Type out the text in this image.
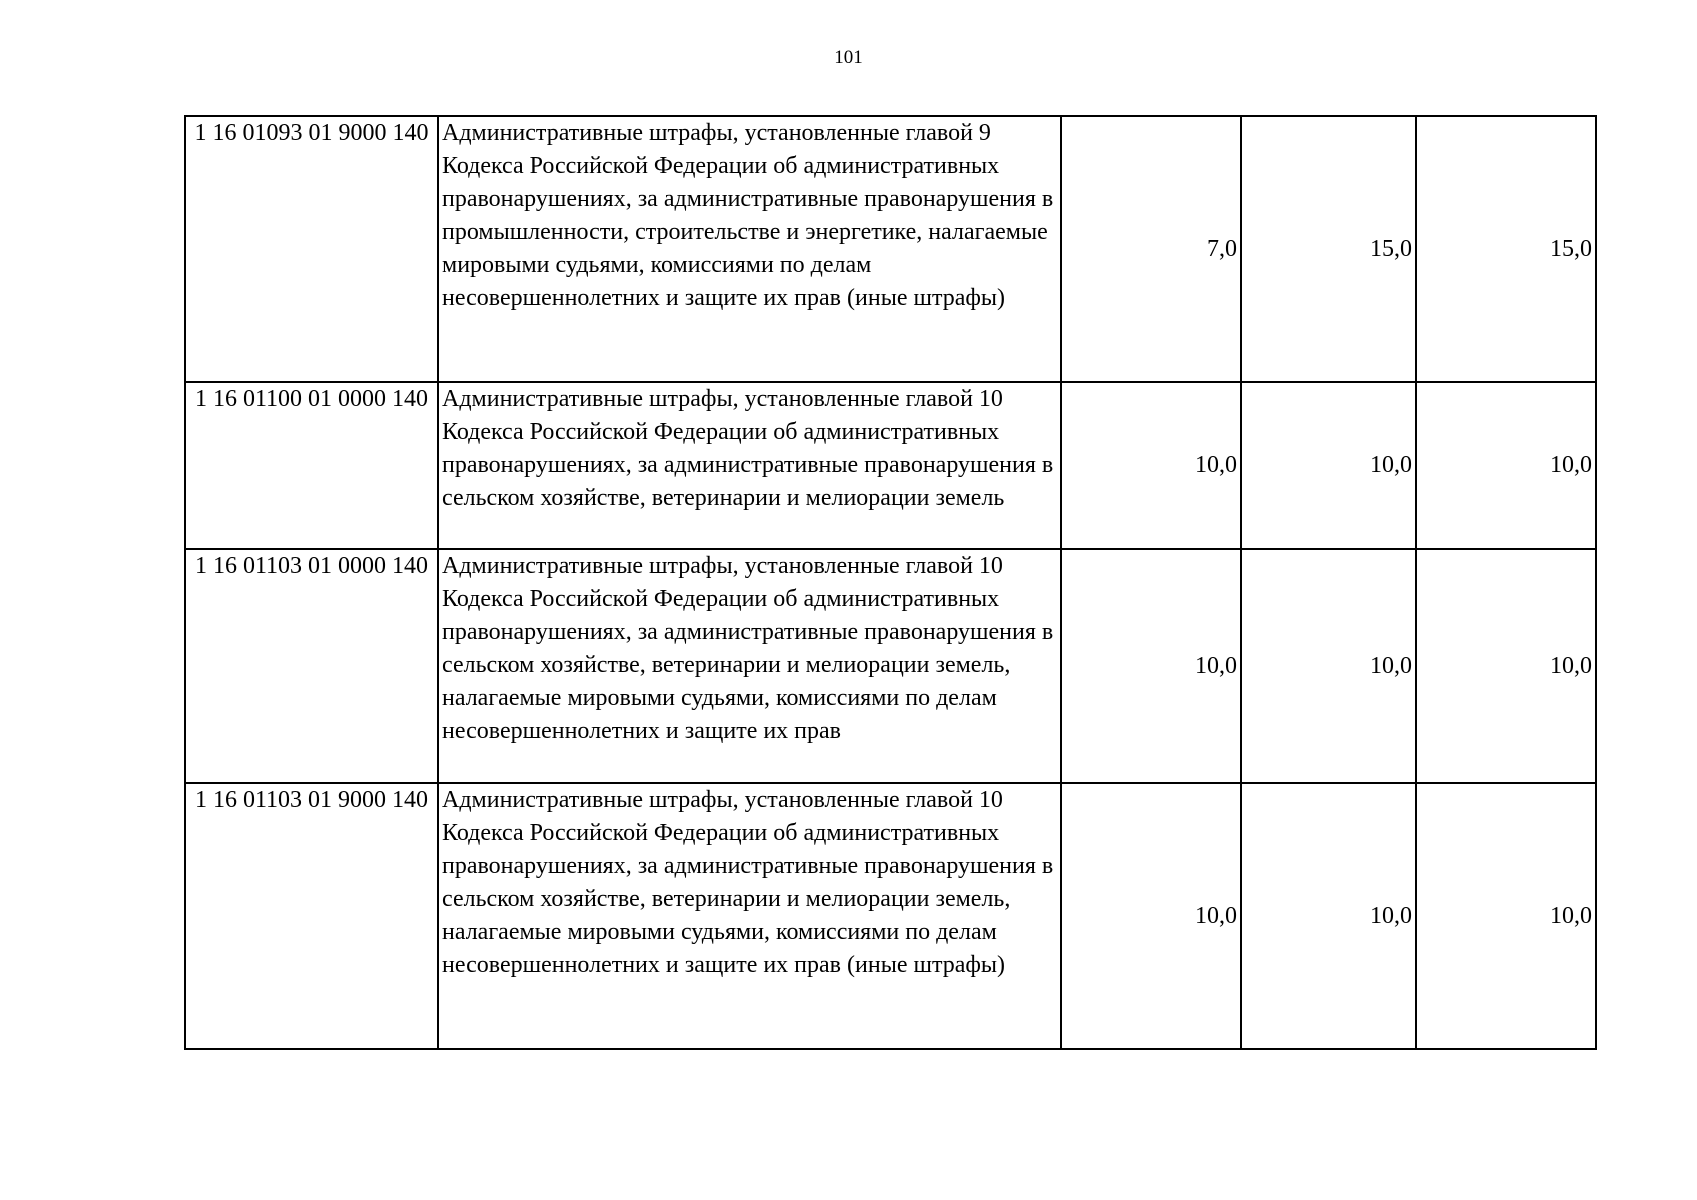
101
1 16 01093 01 9000 140	Административные штрафы, установленные главой 9 Кодекса Российской Федерации об административных правонарушениях, за административные правонарушения в промышленности, строительстве и энергетике, налагаемые мировыми судьями, комиссиями по делам несовершеннолетних и защите их прав (иные штрафы)	7,0	15,0	15,0
1 16 01100 01 0000 140	Административные штрафы, установленные главой 10 Кодекса Российской Федерации об административных правонарушениях, за административные правонарушения в сельском хозяйстве, ветеринарии и мелиорации земель	10,0	10,0	10,0
1 16 01103 01 0000 140	Административные штрафы, установленные главой 10 Кодекса Российской Федерации об административных правонарушениях, за административные правонарушения в сельском хозяйстве, ветеринарии и мелиорации земель, налагаемые мировыми судьями, комиссиями по делам несовершеннолетних и защите их прав	10,0	10,0	10,0
1 16 01103 01 9000 140	Административные штрафы, установленные главой 10 Кодекса Российской Федерации об административных правонарушениях, за административные правонарушения в сельском хозяйстве, ветеринарии и мелиорации земель, налагаемые мировыми судьями, комиссиями по делам несовершеннолетних и защите их прав (иные штрафы)	10,0	10,0	10,0
